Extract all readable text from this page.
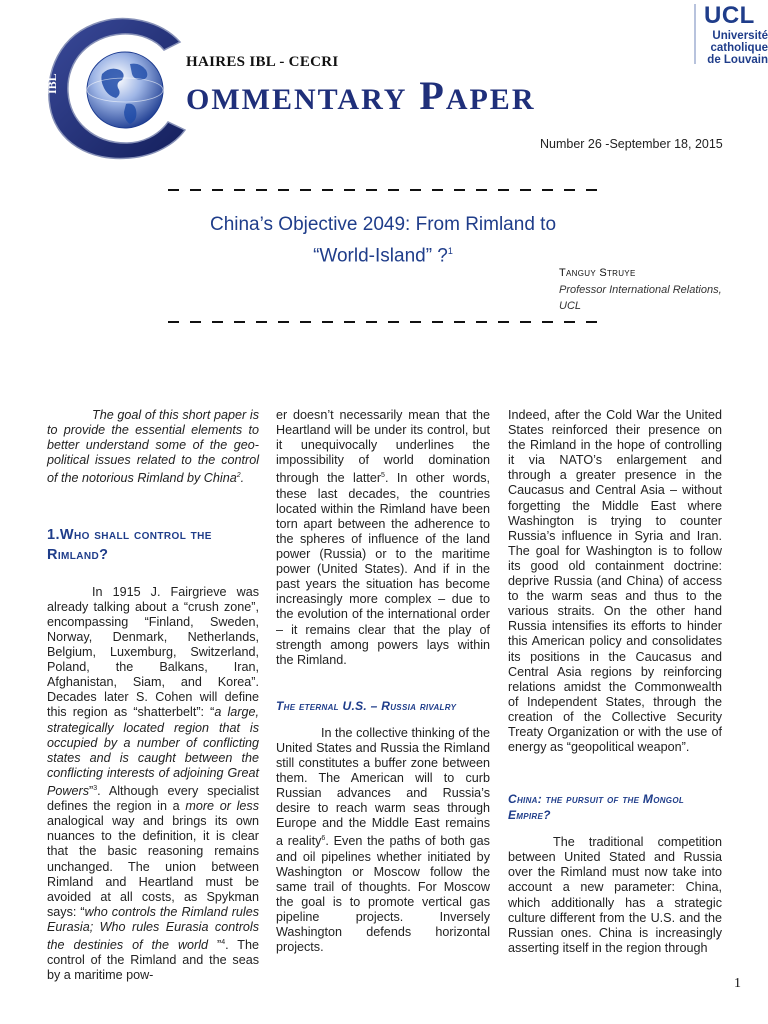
IBL
HAIRES IBL - CECRI
OMMENTARY PAPER
UCL
Université
catholique
de Louvain
Number 26 -September 18, 2015
China’s Objective 2049: From Rimland to
“World-Island” ?$^1$
Tanguy Struye
Professor International Relations, UCL

The goal of this short paper is to provide the essential elements to better understand some of the geo-political issues related to the control of the notorious Rimland by China$^2$.

1.Who shall control the Rimland?

In 1915 J. Fairgrieve was already talking about a “crush zone”, encompassing “Finland, Sweden, Norway, Denmark, Netherlands, Belgium, Luxemburg, Switzerland, Poland, the Balkans, Iran, Afghanistan, Siam, and Korea”. Decades later S. Cohen will define this region as “shatterbelt”: “a large, strategically located region that is occupied by a number of conflicting states and is caught between the conflicting interests of adjoining Great Powers”$^3$. Although every specialist defines the region in a more or less analogical way and brings its own nuances to the definition, it is clear that the basic reasoning remains unchanged. The union between Rimland and Heartland must be avoided at all costs, as Spykman says: “who controls the Rimland rules Eurasia; Who rules Eurasia controls the destinies of the world ”$^4$. The control of the Rimland and the seas by a maritime pow-

er doesn’t necessarily mean that the Heartland will be under its control, but it unequivocally underlines the impossibility of world domination through the latter$^5$. In other words, these last decades, the countries located within the Rimland have been torn apart between the adherence to the spheres of influence of the land power (Russia) or to the maritime power (United States). And if in the past years the situation has become increasingly more complex – due to the evolution of the international order – it remains clear that the play of strength among powers lays within the Rimland.

The eternal U.S. – Russia rivalry

In the collective thinking of the United States and Russia the Rimland still constitutes a buffer zone between them. The American will to curb Russian advances and Russia’s desire to reach warm seas through Europe and the Middle East remains a reality$^6$. Even the paths of both gas and oil pipelines whether initiated by Washington or Moscow follow the same trail of thoughts. For Moscow the goal is to promote vertical gas pipeline projects. Inversely Washington defends horizontal projects.

Indeed, after the Cold War the United States reinforced their presence on the Rimland in the hope of controlling it via NATO’s enlargement and through a greater presence in the Caucasus and Central Asia – without forgetting the Middle East where Washington is trying to counter Russia’s influence in Syria and Iran. The goal for Washington is to follow its good old containment doctrine: deprive Russia (and China) of access to the warm seas and thus to the various straits. On the other hand Russia intensifies its efforts to hinder this American policy and consolidates its positions in the Caucasus and Central Asia regions by reinforcing relations amidst the Commonwealth of Independent States, through the creation of the Collective Security Treaty Organization or with the use of energy as “geopolitical weapon”.

China: the pursuit of the Mongol Empire?

The traditional competition between United Stated and Russia over the Rimland must now take into account a new parameter: China, which additionally has a strategic culture different from the U.S. and the Russian ones. China is increasingly asserting itself in the region through

1
